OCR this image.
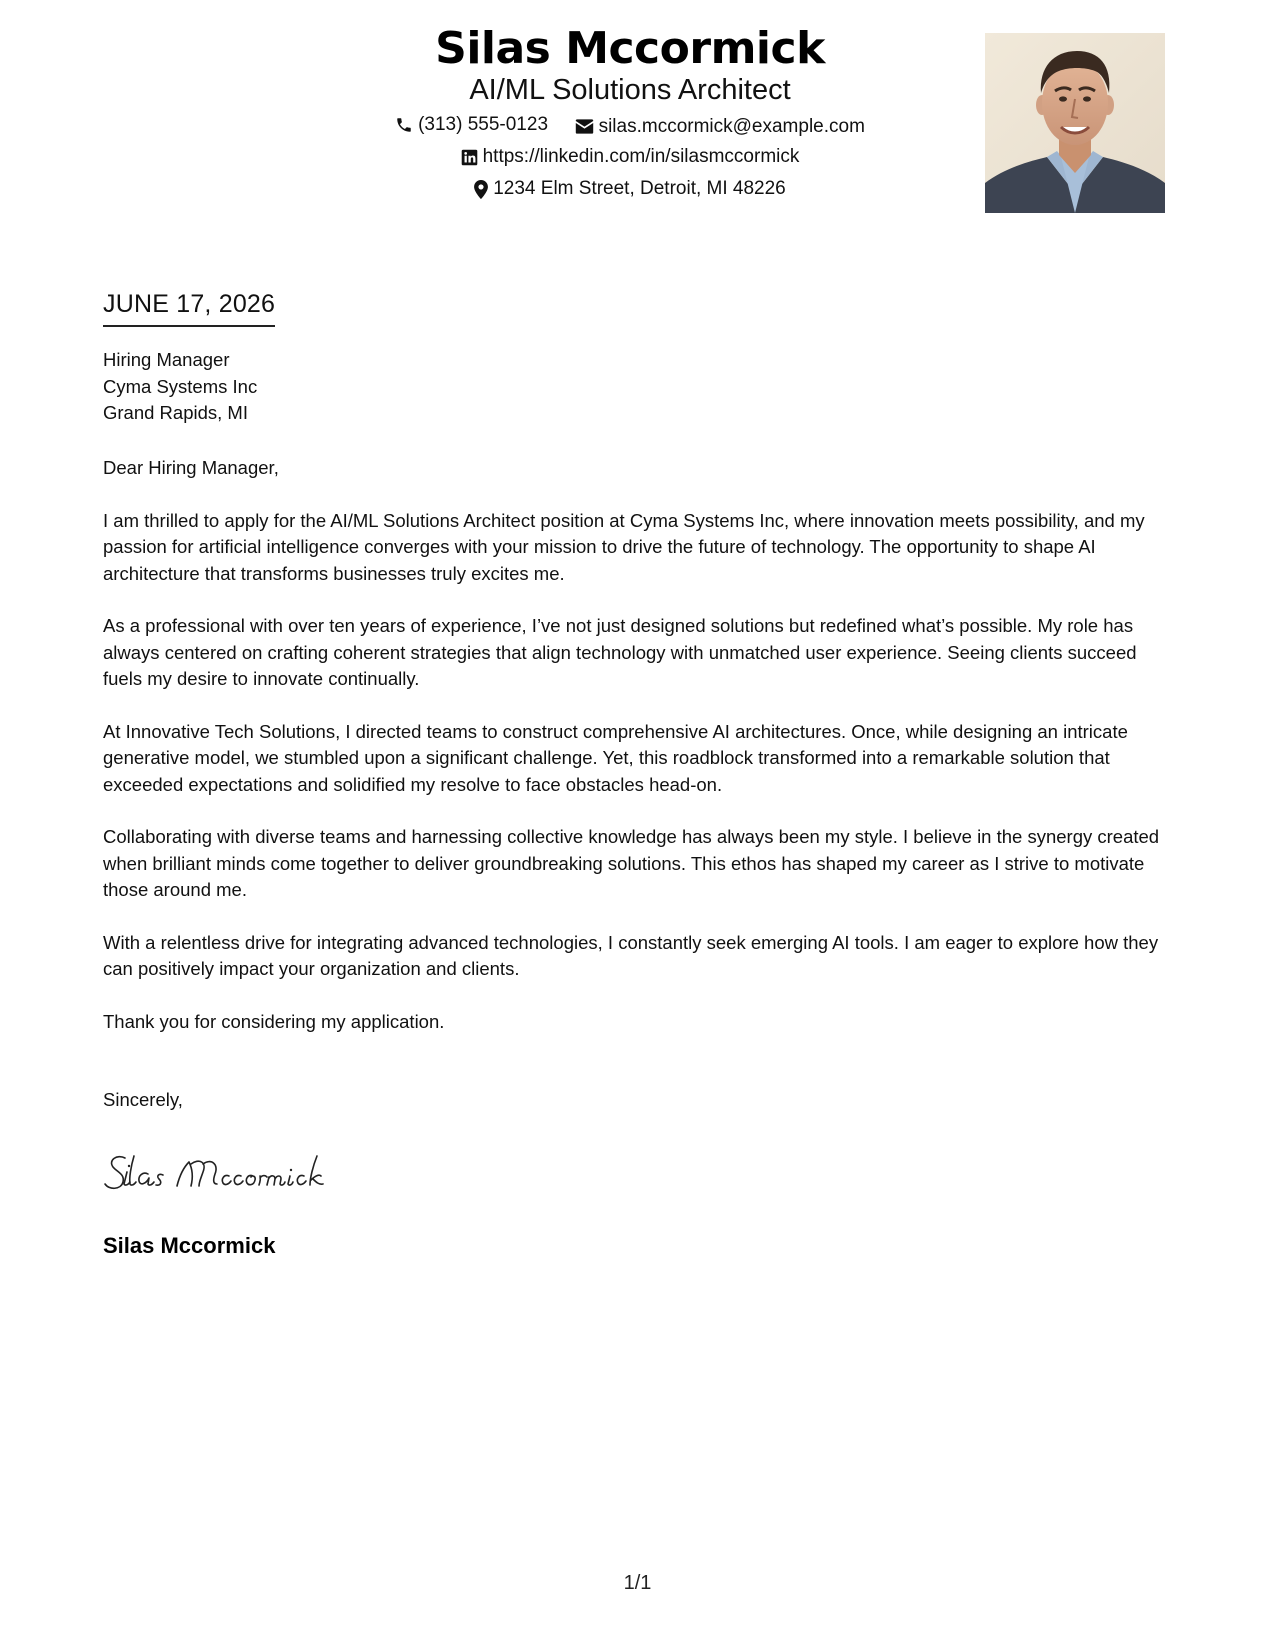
Silas Mccormick
AI/ML Solutions Architect
(313) 555-0123
	silas.mccormick@example.com
https://linkedin.com/in/silasmccormick
1234 Elm Street, Detroit, MI 48226
JUNE 17, 2026
Hiring Manager
Cyma Systems Inc
Grand Rapids, MI

Dear Hiring Manager,

I am thrilled to apply for the AI/ML Solutions Architect position at Cyma Systems Inc, where innovation meets possibility, and my passion for artificial intelligence converges with your mission to drive the future of technology. The opportunity to shape AI architecture that transforms businesses truly excites me.

As a professional with over ten years of experience, I’ve not just designed solutions but redefined what’s possible. My role has always centered on crafting coherent strategies that align technology with unmatched user experience. Seeing clients succeed fuels my desire to innovate continually.

At Innovative Tech Solutions, I directed teams to construct comprehensive AI architectures. Once, while designing an intricate generative model, we stumbled upon a significant challenge. Yet, this roadblock transformed into a remarkable solution that exceeded expectations and solidified my resolve to face obstacles head-on.

Collaborating with diverse teams and harnessing collective knowledge has always been my style. I believe in the synergy created when brilliant minds come together to deliver groundbreaking solutions. This ethos has shaped my career as I strive to motivate those around me.

With a relentless drive for integrating advanced technologies, I constantly seek emerging AI tools. I am eager to explore how they can positively impact your organization and clients.

Thank you for considering my application.

Sincerely,
Silas Mccormick
1/1
